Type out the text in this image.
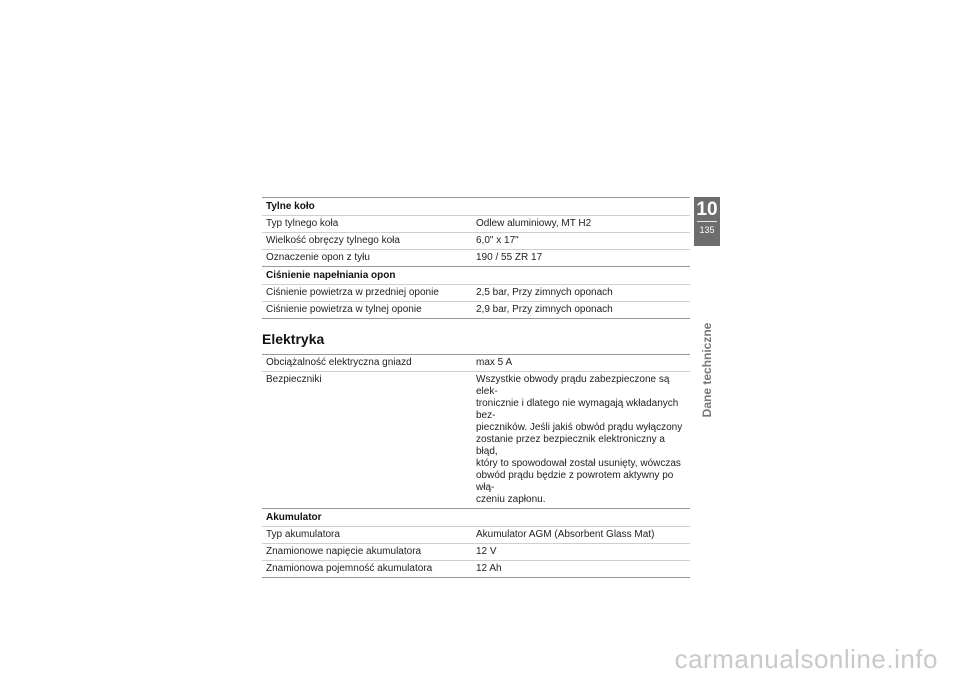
Tylne koło
Typ tylnego koła	Odlew aluminiowy, MT H2
Wielkość obręczy tylnego koła	6,0" x 17"
Oznaczenie opon z tyłu	190 / 55 ZR 17
Ciśnienie napełniania opon
Ciśnienie powietrza w przedniej oponie	2,5 bar, Przy zimnych oponach
Ciśnienie powietrza w tylnej oponie	2,9 bar, Przy zimnych oponach
Elektryka
Obciążalność elektryczna gniazd	max 5 A
Bezpieczniki	Wszystkie obwody prądu zabezpieczone są elek-
tronicznie i dlatego nie wymagają wkładanych bez-
pieczników. Jeśli jakiś obwód prądu wyłączony
zostanie przez bezpiecznik elektroniczny a błąd,
który to spowodował został usunięty, wówczas
obwód prądu będzie z powrotem aktywny po włą-
czeniu zapłonu.
Akumulator
Typ akumulatora	Akumulator AGM (Absorbent Glass Mat)
Znamionowe napięcie akumulatora	12 V
Znamionowa pojemność akumulatora	12 Ah
10
135
Dane techniczne
carmanualsonline.info
